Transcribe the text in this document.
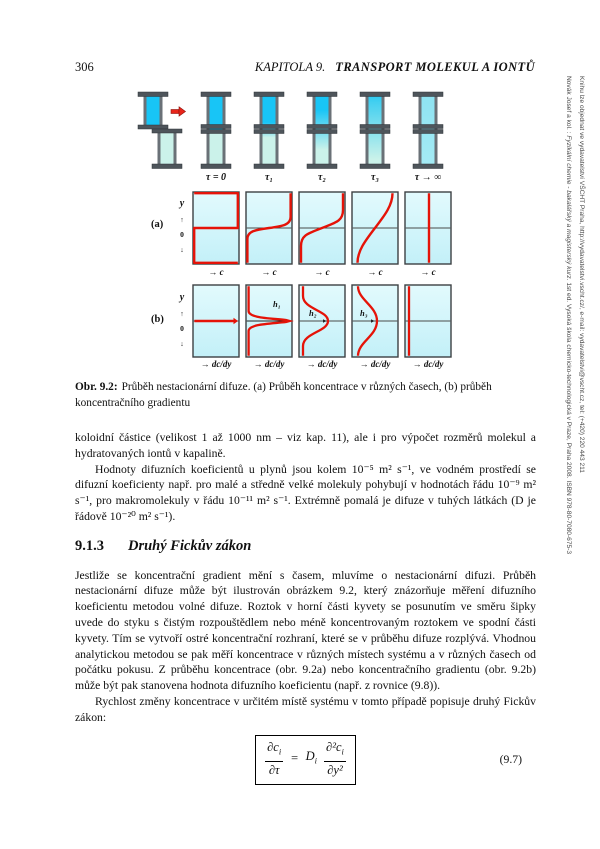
306	KAPITOLA 9. TRANSPORT MOLEKUL A IONTŮ
Novák Josef a kol. : Fyzikální chemie - bakalářský a magisterský kurz. 1st ed. Vysoká škola chemicko-technologická v Praze, Praha 2008. ISBN 978-80-7080-675-3 Knihu lze objednat ve vydavatelství VŠCHT Praha, http://vydavatelstvi.vscht.cz/, e-mail: vydavatelstvi@vscht.cz, tel: (+420) 220 443 211
τ = 0	τ₁	τ₂	τ₃	τ → ∞
(a)
y
↑
0
↓
→ c	→ c	→ c	→ c	→ c
(b)
y
↑
0
↓
h₁
h₂	h₃
→ dc/dy	→ dc/dy	→ dc/dy	→ dc/dy	→ dc/dy
Obr. 9.2: Průběh nestacionární difuze. (a) Průběh koncentrace v různých časech, (b) průběh koncentračního gradientu

koloidní částice (velikost 1 až 1000 nm – viz kap. 11), ale i pro výpočet rozměrů molekul a hydratovaných iontů v kapalině.

Hodnoty difuzních koeficientů u plynů jsou kolem 10⁻⁵ m² s⁻¹, ve vodném prostředí se difuzní koeficienty např. pro malé a středně velké molekuly pohybují v hodnotách řádu 10⁻⁹ m² s⁻¹, pro makromolekuly v řádu 10⁻¹¹ m² s⁻¹. Extrémně pomalá je difuze v tuhých látkách (D je řádově 10⁻²⁰ m² s⁻¹).

9.1.3 Druhý Fickův zákon

Jestliže se koncentrační gradient mění s časem, mluvíme o nestacionární difuzi. Průběh nestacionární difuze může být ilustrován obrázkem 9.2, který znázorňuje měření difuzního koeficientu metodou volné difuze. Roztok v horní části kyvety se posunutím ve směru šipky uvede do styku s čistým rozpouštědlem nebo méně koncentrovaným roztokem ve spodní části kyvety. Tím se vytvoří ostré koncentrační rozhraní, které se v průběhu difuze rozplývá. Vhodnou analytickou metodou se pak měří koncentrace v různých místech systému a v různých časech od počátku pokusu. Z průběhu koncentrace (obr. 9.2a) nebo koncentračního gradientu (obr. 9.2b) může být pak stanovena hodnota difuzního koeficientu (např. z rovnice (9.8)).

Rychlost změny koncentrace v určitém místě systému v tomto případě popisuje druhý Fickův zákon:

$\frac{\partial c_i}{\partial\tau} = D_i \frac{\partial^2c_i}{\text{∂y²}}$	(9.7)
